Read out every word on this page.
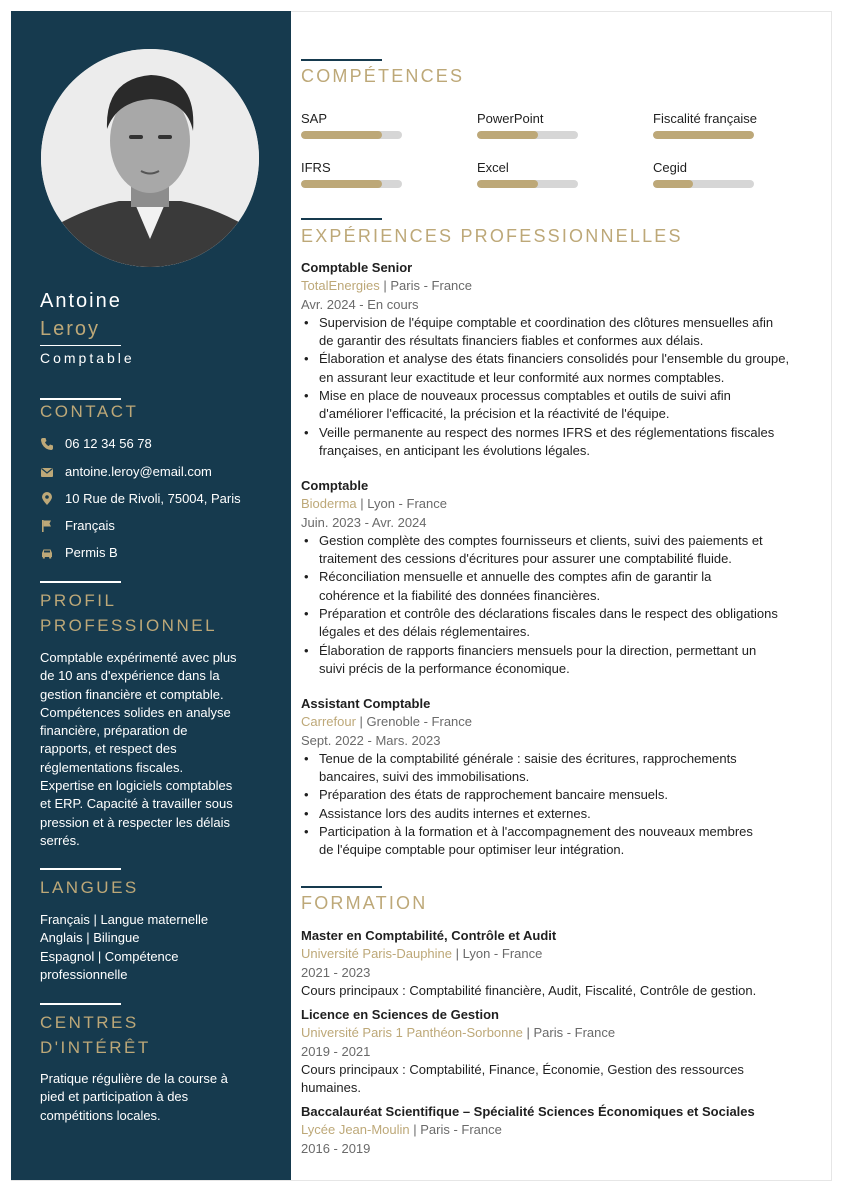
Antoine
Leroy
Comptable
CONTACT
06 12 34 56 78
antoine.leroy@email.com
10 Rue de Rivoli, 75004, Paris
Français
Permis B
PROFIL
PROFESSIONNEL
Comptable expérimenté avec plus
de 10 ans d'expérience dans la
gestion financière et comptable.
Compétences solides en analyse
financière, préparation de
rapports, et respect des
réglementations fiscales.
Expertise en logiciels comptables
et ERP. Capacité à travailler sous
pression et à respecter les délais
serrés.
LANGUES
Français | Langue maternelle
Anglais | Bilingue
Espagnol | Compétence
professionnelle
CENTRES
D'INTÉRÊT
Pratique régulière de la course à
pied et participation à des
compétitions locales.
COMPÉTENCES
SAP	PowerPoint	Fiscalité française
IFRS	Excel	Cegid
EXPÉRIENCES PROFESSIONNELLES
Comptable Senior
TotalEnergies | Paris - France
Avr. 2024 - En cours
• Supervision de l'équipe comptable et coordination des clôtures mensuelles afin
de garantir des résultats financiers fiables et conformes aux délais.
• Élaboration et analyse des états financiers consolidés pour l'ensemble du groupe,
en assurant leur exactitude et leur conformité aux normes comptables.
• Mise en place de nouveaux processus comptables et outils de suivi afin
d'améliorer l'efficacité, la précision et la réactivité de l'équipe.
• Veille permanente au respect des normes IFRS et des réglementations fiscales
françaises, en anticipant les évolutions légales.
Comptable
Bioderma | Lyon - France
Juin. 2023 - Avr. 2024
• Gestion complète des comptes fournisseurs et clients, suivi des paiements et
traitement des cessions d'écritures pour assurer une comptabilité fluide.
• Réconciliation mensuelle et annuelle des comptes afin de garantir la
cohérence et la fiabilité des données financières.
• Préparation et contrôle des déclarations fiscales dans le respect des obligations
légales et des délais réglementaires.
• Élaboration de rapports financiers mensuels pour la direction, permettant un
suivi précis de la performance économique.
Assistant Comptable
Carrefour | Grenoble - France
Sept. 2022 - Mars. 2023
• Tenue de la comptabilité générale : saisie des écritures, rapprochements
bancaires, suivi des immobilisations.
• Préparation des états de rapprochement bancaire mensuels.
• Assistance lors des audits internes et externes.
• Participation à la formation et à l'accompagnement des nouveaux membres
de l'équipe comptable pour optimiser leur intégration.
FORMATION
Master en Comptabilité, Contrôle et Audit
Université Paris-Dauphine | Lyon - France
2021 - 2023
Cours principaux : Comptabilité financière, Audit, Fiscalité, Contrôle de gestion.
Licence en Sciences de Gestion
Université Paris 1 Panthéon-Sorbonne | Paris - France
2019 - 2021
Cours principaux : Comptabilité, Finance, Économie, Gestion des ressources
humaines.
Baccalauréat Scientifique – Spécialité Sciences Économiques et Sociales
Lycée Jean-Moulin | Paris - France
2016 - 2019
